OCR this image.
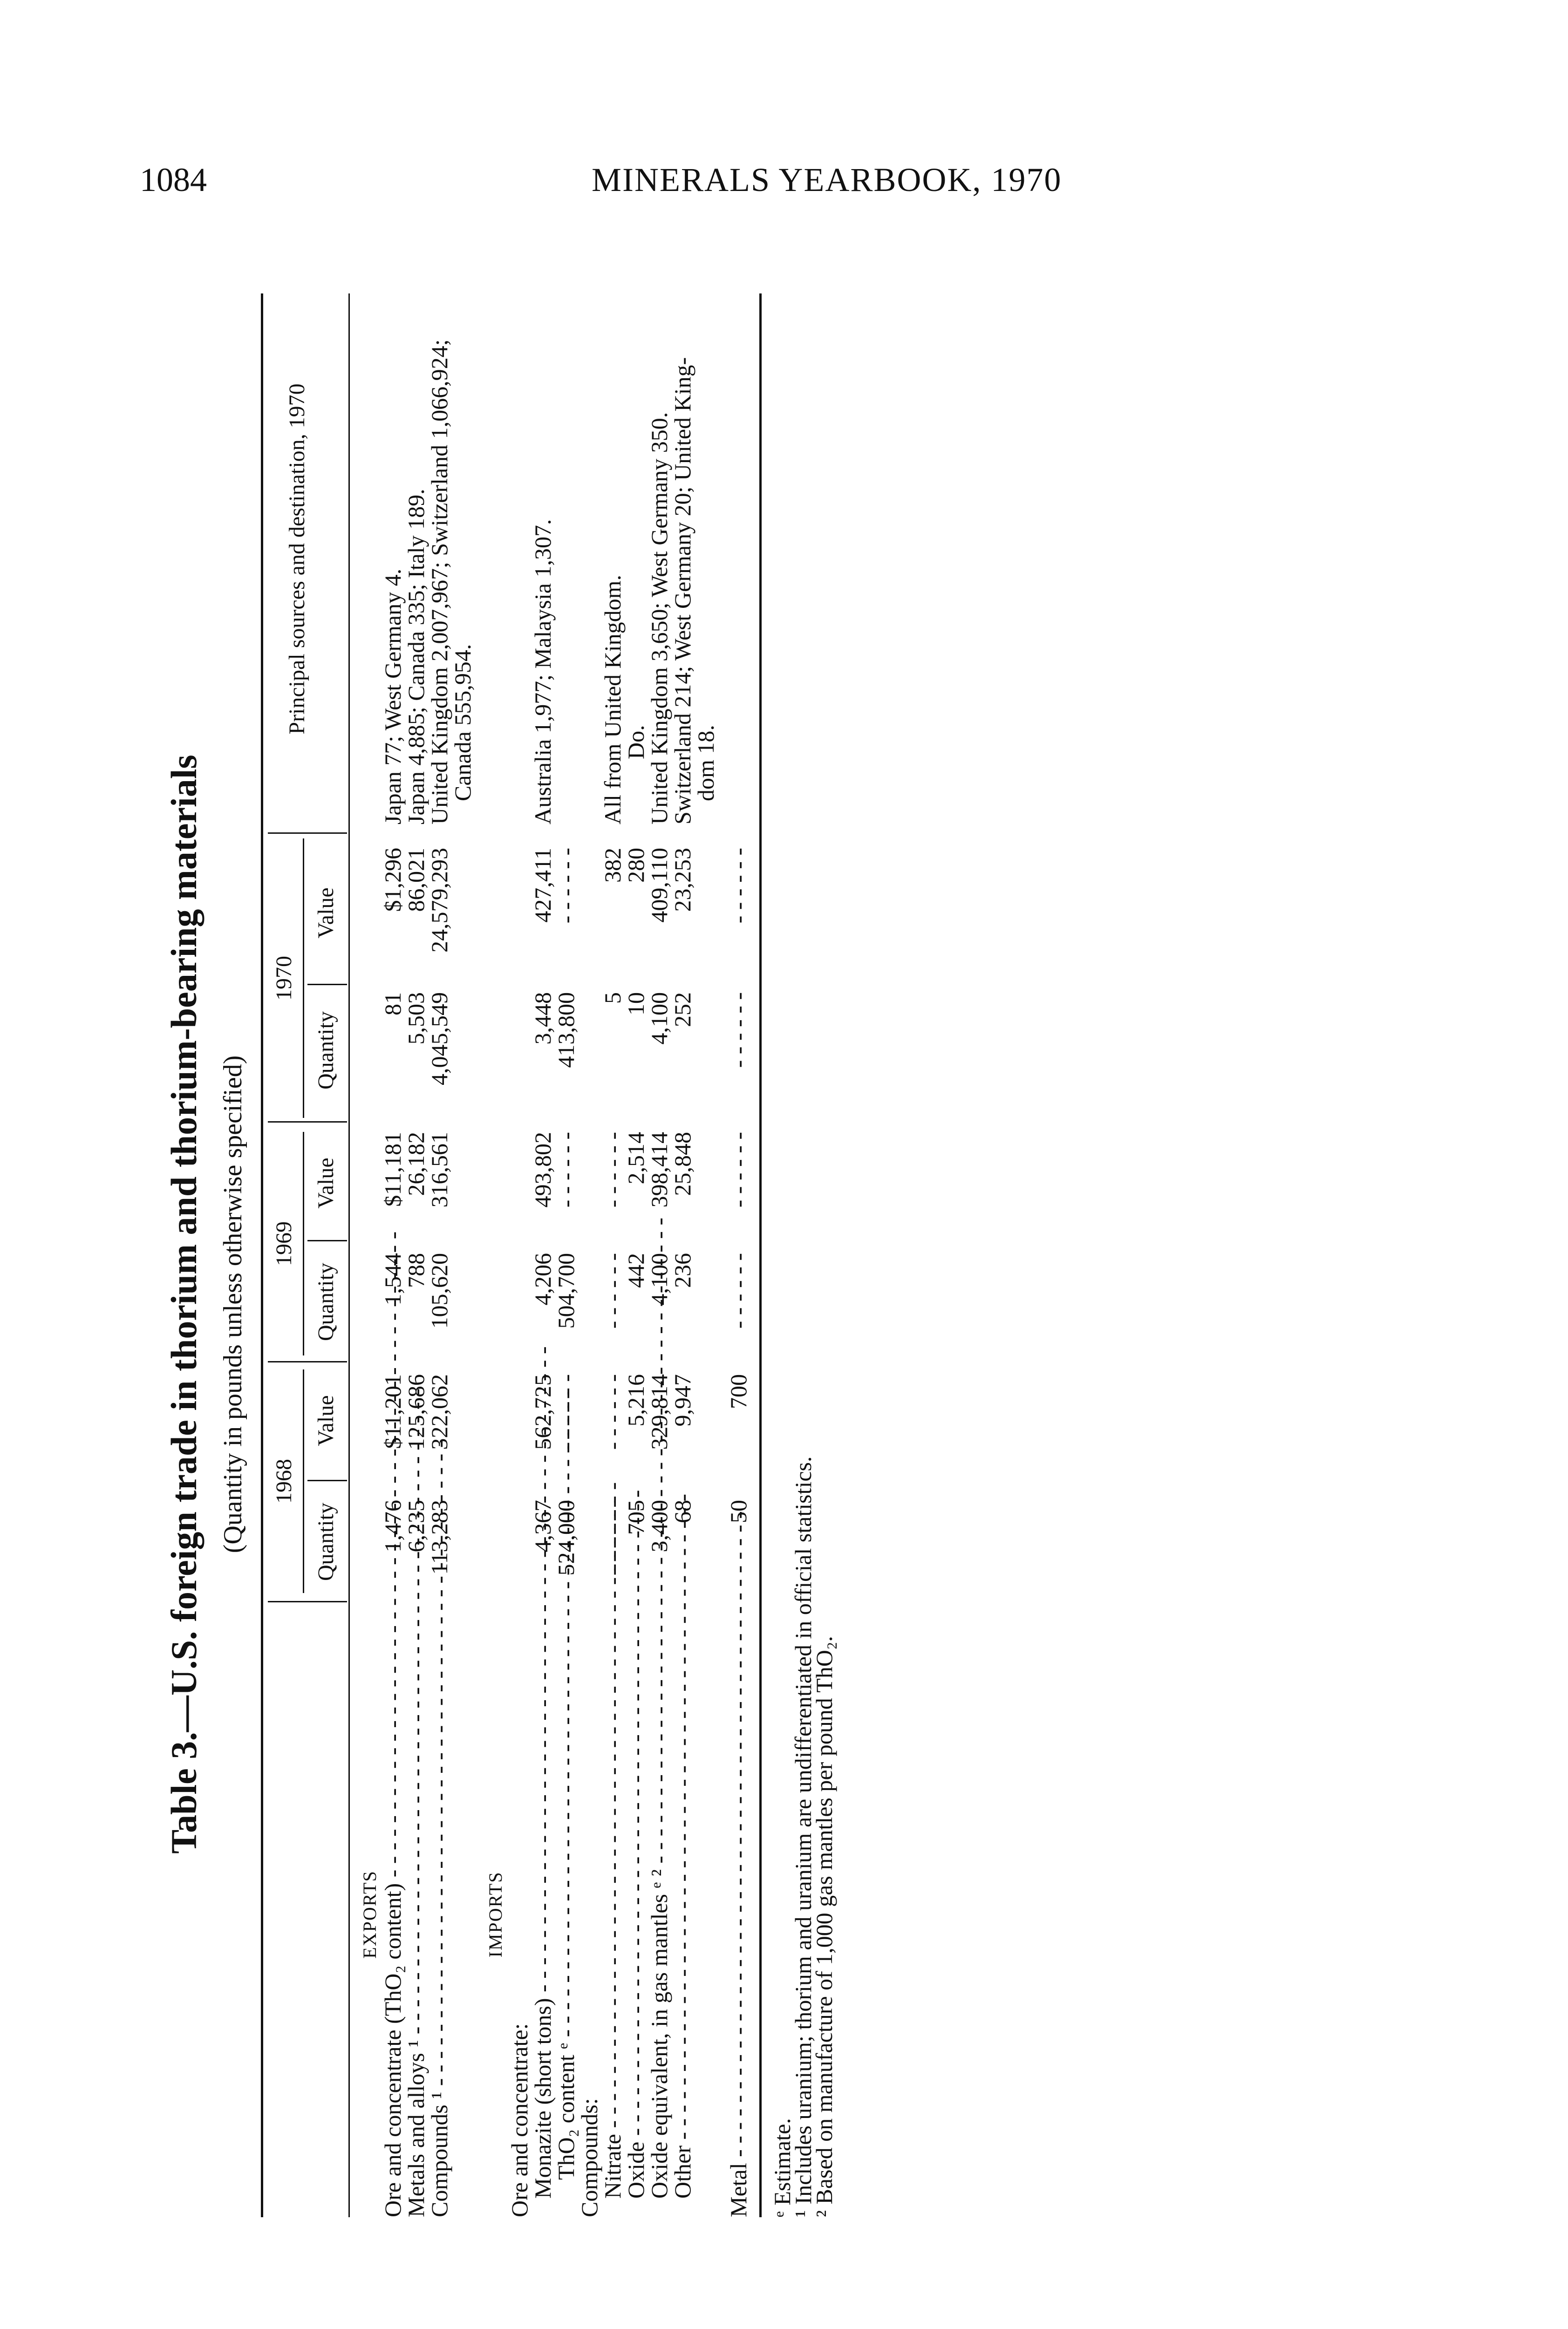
1084	MINERALS YEARBOOK, 1970
Table 3.—U.S. foreign trade in thorium and thorium-bearing materials (Quantity in pounds unless otherwise specified) 1968
1969
1970
Principal sources and destination, 1970
Quantity
Value
Quantity
Value
Quantity
Value
EXPORTS Ore and concentrate (ThO₂ content) - - -
1,476
$11,201
1,544
$11,181
81
$1,296
Japan 77; West Germany 4.
Metals and alloys ¹ - - -
6,235
125,686
788
26,182
5,503
86,021
Japan 4,885; Canada 335; Italy 189.
Compounds ¹ - - -
113,283
322,062
105,620
316,561
4,045,549
24,579,293
United Kingdom 2,007,967; Switzerland 1,066,924;
Canada 555,954.
IMPORTS
Ore and concentrate:
Monazite (short tons) - - -
4,367
562,725
4,206
493,802
3,448
427,411
Australia 1,977; Malaysia 1,307.
ThO₂ content ᵉ - - -
524,000
- - - - - -
504,700
- - - - - -
413,800
- - - - - -
Compounds:
Nitrate - - -
- - - - - -
- - - - - -
- - - - - -
- - - - - -
5
382
All from United Kingdom.
Oxide - - -
705
5,216
442
2,514
10
280
Do.
Oxide equivalent, in gas mantles ᵉ ² - - -
3,400
329,814
4,100
398,414
4,100
409,110
United Kingdom 3,650; West Germany 350.
Other - - -
68
9,947
236
25,848
252
23,253
Switzerland 214; West Germany 20; United King-
dom 18.
Metal - - -
50
700
- - - - - -
- - - - - -
- - - - - -
- - - - - -
ᵉ Estimate.
¹ Includes uranium; thorium and uranium are undifferentiated in official statistics.
² Based on manufacture of 1,000 gas mantles per pound ThO₂.
